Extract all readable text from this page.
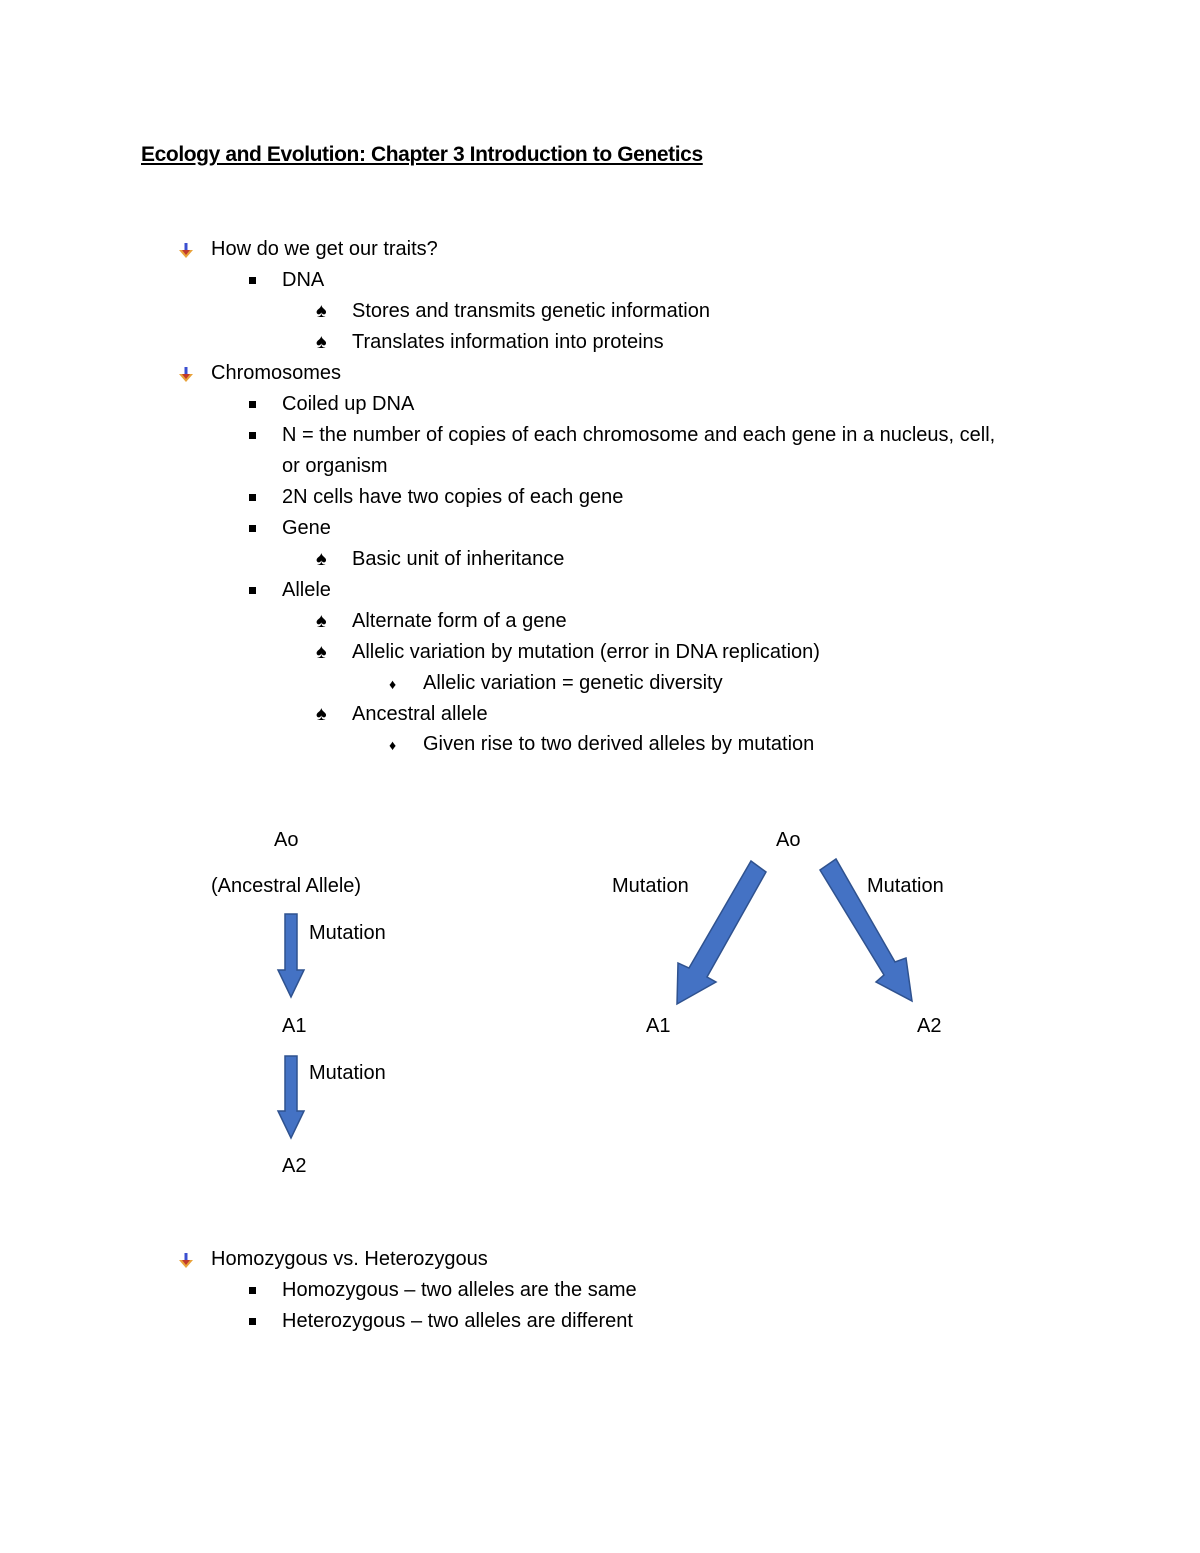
Ecology and Evolution: Chapter 3 Introduction to Genetics
How do we get our traits?
DNA
♠ Stores and transmits genetic information
♠ Translates information into proteins
Chromosomes
Coiled up DNA
N = the number of copies of each chromosome and each gene in a nucleus, cell,
or organism
2N cells have two copies of each gene
Gene
♠ Basic unit of inheritance
Allele
♠ Alternate form of a gene
♠ Allelic variation by mutation (error in DNA replication)
♦ Allelic variation = genetic diversity
♠ Ancestral allele
♦ Given rise to two derived alleles by mutation
Ao
(Ancestral Allele)
Mutation
A1
Mutation
A2
Ao
Mutation	Mutation
A1	A2
Homozygous vs. Heterozygous
Homozygous – two alleles are the same
Heterozygous – two alleles are different
